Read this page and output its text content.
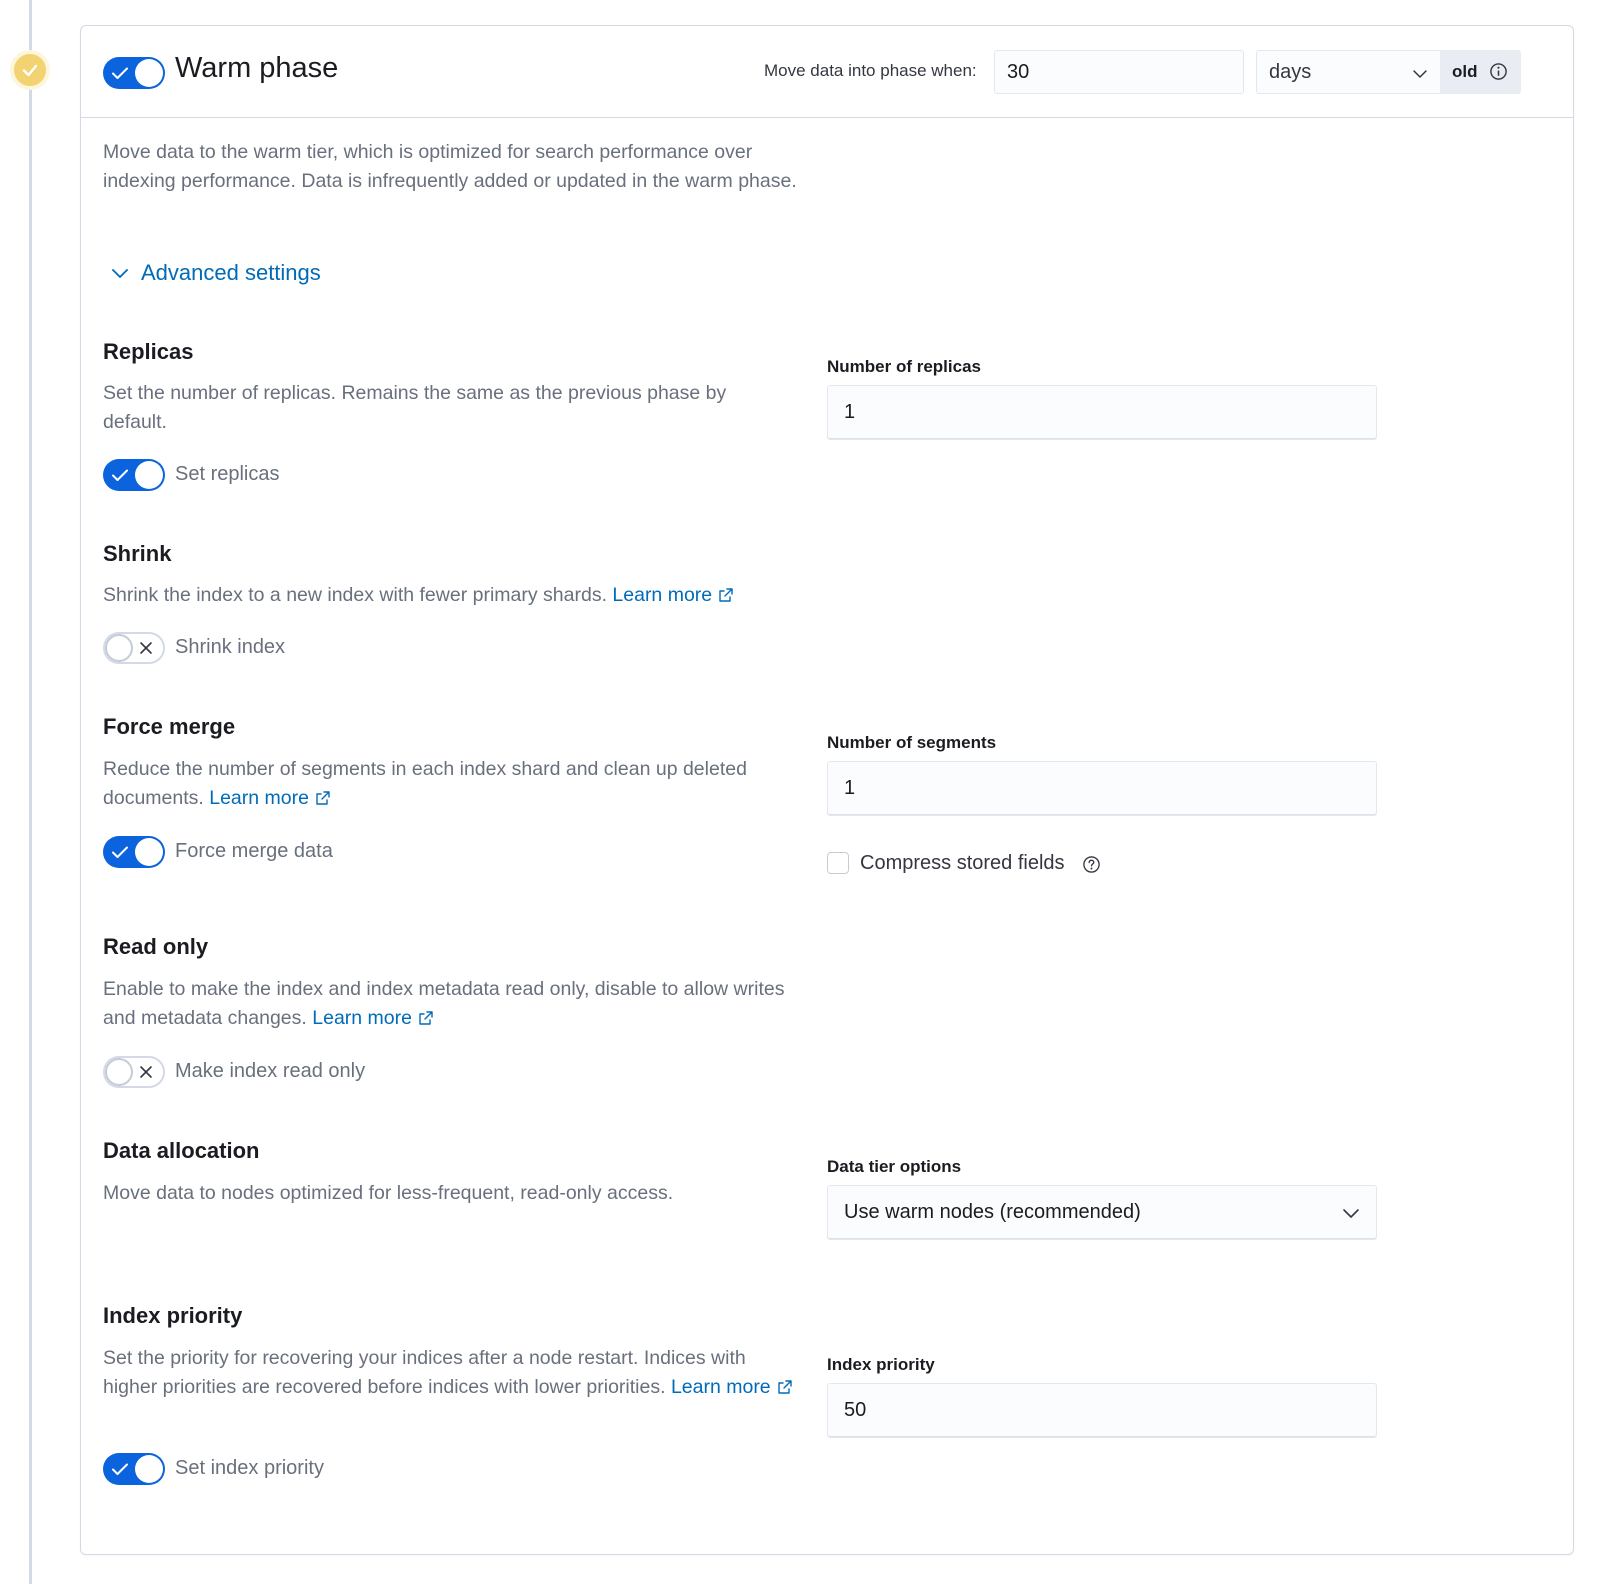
Warm phase	Move data into phase when:	30	days	old
Move data to the warm tier, which is optimized for search performance over indexing performance. Data is infrequently added or updated in the warm phase.
Advanced settings
Replicas
Set the number of replicas. Remains the same as the previous phase by default.
Set replicas
Number of replicas
1
Shrink
Shrink the index to a new index with fewer primary shards. Learn more
Shrink index
Force merge
Reduce the number of segments in each index shard and clean up deleted documents. Learn more
Force merge data
Number of segments
1
Compress stored fields
Read only
Enable to make the index and index metadata read only, disable to allow writes and metadata changes. Learn more
Make index read only
Data allocation
Move data to nodes optimized for less-frequent, read-only access.
Data tier options
Use warm nodes (recommended)
Index priority
Set the priority for recovering your indices after a node restart. Indices with higher priorities are recovered before indices with lower priorities. Learn more
Set index priority
Index priority
50
